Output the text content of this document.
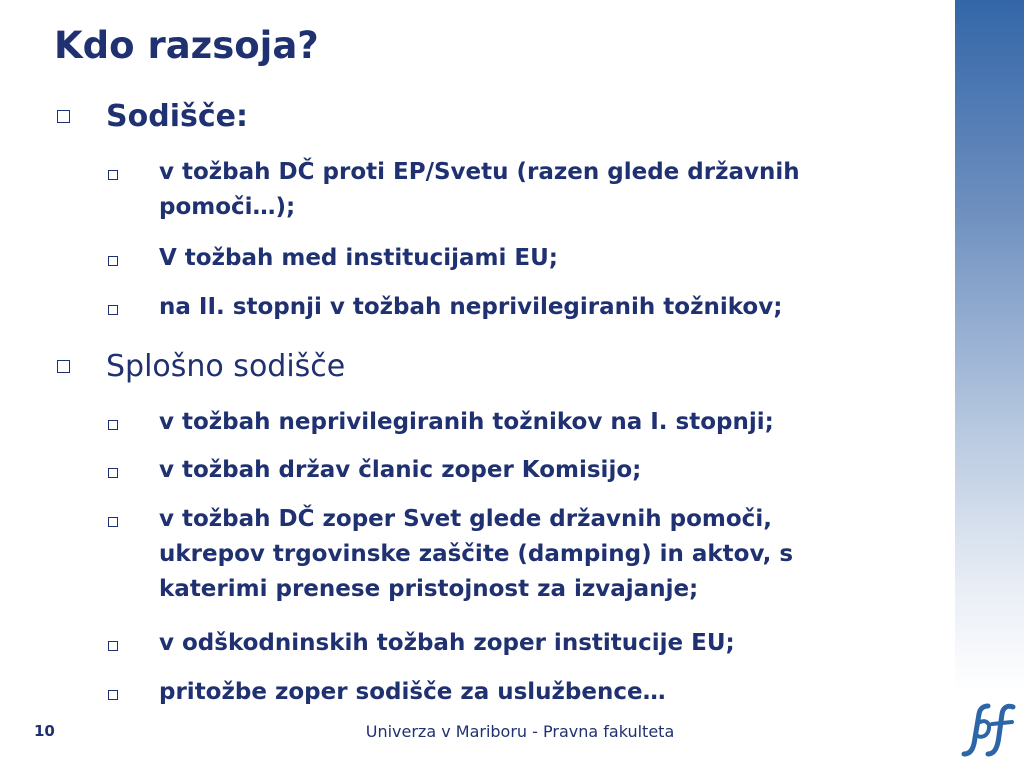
Kdo razsoja?
Sodišče:
v tožbah DČ proti EP/Svetu (razen glede državnih pomoči…);
V tožbah med institucijami EU;
na II. stopnji v tožbah neprivilegiranih tožnikov;
Splošno sodišče
v tožbah neprivilegiranih tožnikov na I. stopnji;
v tožbah držav članic zoper Komisijo;
v tožbah DČ zoper Svet glede državnih pomoči, ukrepov trgovinske zaščite (damping) in aktov, s katerimi prenese pristojnost za izvajanje;
v odškodninskih tožbah zoper institucije EU;
pritožbe zoper sodišče za uslužbence…
10	Univerza v Mariboru - Pravna fakulteta
